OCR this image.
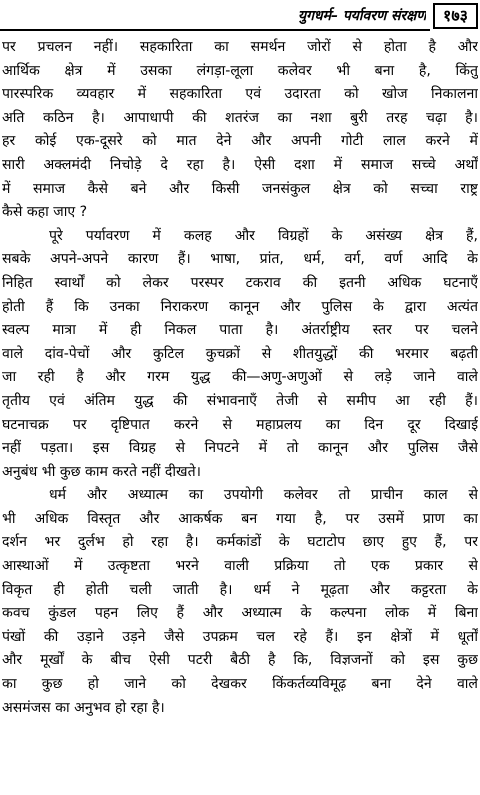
युगधर्म– पर्यावरण संरक्षण	१७३
पर प्रचलन नहीं। सहकारिता का समर्थन जोरों से होता है और
आर्थिक क्षेत्र में उसका लंगड़ा-लूला कलेवर भी बना है, किंतु
पारस्परिक व्यवहार में सहकारिता एवं उदारता को खोज निकालना
अति कठिन है। आपाधापी की शतरंज का नशा बुरी तरह चढ़ा है।
हर कोई एक-दूसरे को मात देने और अपनी गोटी लाल करने में
सारी अक्लमंदी निचोड़े दे रहा है। ऐसी दशा में समाज सच्चे अर्थों
में समाज कैसे बने और किसी जनसंकुल क्षेत्र को सच्चा राष्ट्र
कैसे कहा जाए ?
पूरे पर्यावरण में कलह और विग्रहों के असंख्य क्षेत्र हैं,
सबके अपने-अपने कारण हैं। भाषा, प्रांत, धर्म, वर्ग, वर्ण आदि के
निहित स्वार्थों को लेकर परस्पर टकराव की इतनी अधिक घटनाएँ
होती हैं कि उनका निराकरण कानून और पुलिस के द्वारा अत्यंत
स्वल्प मात्रा में ही निकल पाता है। अंतर्राष्ट्रीय स्तर पर चलने
वाले दांव-पेचों और कुटिल कुचक्रों से शीतयुद्धों की भरमार बढ़ती
जा रही है और गरम युद्ध की—अणु-अणुओं से लड़े जाने वाले
तृतीय एवं अंतिम युद्ध की संभावनाएँ तेजी से समीप आ रही हैं।
घटनाचक्र पर दृष्टिपात करने से महाप्रलय का दिन दूर दिखाई
नहीं पड़ता। इस विग्रह से निपटने में तो कानून और पुलिस जैसे
अनुबंध भी कुछ काम करते नहीं दीखते।
धर्म और अध्यात्म का उपयोगी कलेवर तो प्राचीन काल से
भी अधिक विस्तृत और आकर्षक बन गया है, पर उसमें प्राण का
दर्शन भर दुर्लभ हो रहा है। कर्मकांडों के घटाटोप छाए हुए हैं, पर
आस्थाओं में उत्कृष्टता भरने वाली प्रक्रिया तो एक प्रकार से
विकृत ही होती चली जाती है। धर्म ने मूढ़ता और कट्टरता के
कवच कुंडल पहन लिए हैं और अध्यात्म के कल्पना लोक में बिना
पंखों की उड़ाने उड़ने जैसे उपक्रम चल रहे हैं। इन क्षेत्रों में धूर्तों
और मूर्खों के बीच ऐसी पटरी बैठी है कि, विज्ञजनों को इस कुछ
का कुछ हो जाने को देखकर किंकर्तव्यविमूढ़ बना देने वाले
असमंजस का अनुभव हो रहा है।
